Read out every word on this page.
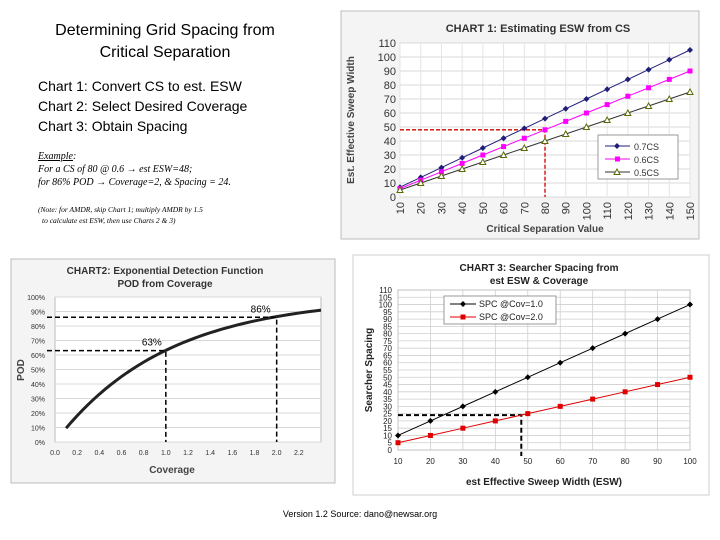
Determining Grid Spacing from
Critical Separation
Chart 1: Convert CS to est. ESW
Chart 2: Select Desired Coverage
Chart 3: Obtain Spacing
Example:
For a CS of 80 @ 0.6 → est ESW=48;
for 86% POD → Coverage=2, & Spacing = 24.
(Note: for AMDR, skip Chart 1; multiply AMDR by 1.5
to calculate est ESW, then use Charts 2 & 3)
Version 1.2 Source: dano@newsar.org
CHART 1: Estimating ESW from CS
0
10
20
30
40
50
60
70
80
90
100
110
10 20 30 40 50 60 70 80 90 100 110 120 130 140 150
0.7CS
0.6CS
0.5CS
Est. Effective Sweep Width
Critical Separation Value
CHART2: Exponential Detection Function
POD from Coverage
0%
10%
20%
30%
40%
50%
60%
70%
80%
90%
100%
0.0 0.2 0.4 0.6 0.8 1.0 1.2 1.4 1.6 1.8 2.0 2.2
63%
86%
POD
Coverage
CHART 3: Searcher Spacing from
est ESW & Coverage
0
5
10
15
20
25
30
35
40
45
50
55
60
65
70
75
80
85
90
95
100
105
110
10	20	30	40	50	60	70	80	90	100
SPC @Cov=1.0
SPC @Cov=2.0
Searcher Spacing
est Effective Sweep Width (ESW)
